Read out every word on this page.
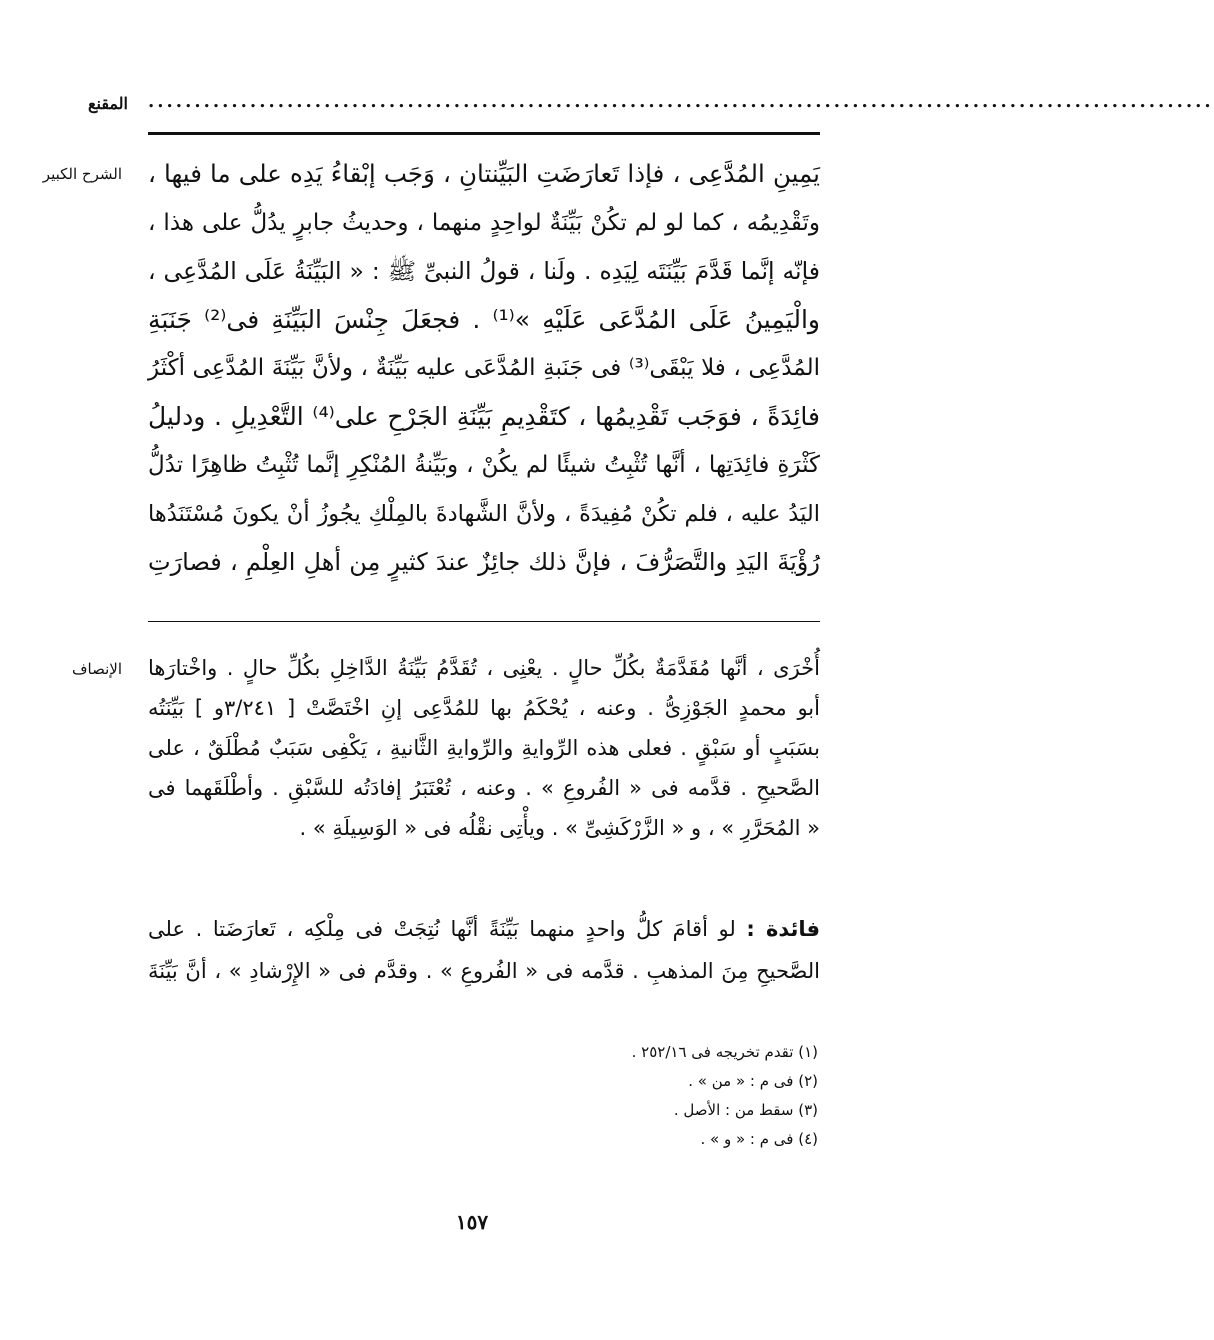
المقنع ...................................................................................................................
الشرح الكبير يَمِينِ المُدَّعِى ، فإذا تَعارَضَتِ البَيِّنتانِ ، وَجَب إبْقاءُ يَدِه على ما فيها ،
وتَقْدِيمُه ، كما لو لم تكُنْ بَيِّنَةٌ لواحِدٍ منهما ، وحديثُ جابرٍ يدُلُّ على هذا ،
فإنّه إنَّما قَدَّمَ بَيِّنَتَه لِيَدِه . ولَنا ، قولُ النبىِّ ﷺ : « البَيِّنَةُ عَلَى المُدَّعِى ،
والْيَمِينُ عَلَى المُدَّعَى عَلَيْهِ »⁽¹⁾ . فجعَلَ جِنْسَ البَيِّنَةِ فى⁽²⁾ جَنَبَةِ
المُدَّعِى ، فلا يَبْقَى⁽³⁾ فى جَنَبةِ المُدَّعَى عليه بَيِّنَةٌ ، ولأنَّ بَيِّنَةَ المُدَّعِى أكْثَرُ
فائِدَةً ، فوَجَب تَقْدِيمُها ، كتَقْدِيمِ بَيِّنَةِ الجَرْحِ على⁽⁴⁾ التَّعْدِيلِ . ودليلُ
كَثْرَةِ فائِدَتِها ، أنَّها تُثْبِتُ شيئًا لم يكُنْ ، وبَيِّنةُ المُنْكِرِ إنَّما تُثْبِتُ ظاهِرًا تدُلُّ
اليَدُ عليه ، فلم تكُنْ مُفِيدَةً ، ولأنَّ الشَّهادةَ بالمِلْكِ يجُوزُ أنْ يكونَ مُسْتَنَدُها
رُؤْيَةَ اليَدِ والتَّصَرُّفَ ، فإنَّ ذلك جائِزٌ عندَ كثيرٍ مِن أهلِ العِلْمِ ، فصارَتِ
الإنصاف أُخْرَى ، أنَّها مُقَدَّمَةٌ بكُلِّ حالٍ . يعْنِى ، تُقَدَّمُ بَيِّنَةُ الدَّاخِلِ بكُلِّ حالٍ . واخْتارَها
أبو محمدٍ الجَوْزِىُّ . وعنه ، يُحْكَمُ بها للمُدَّعِى إنِ اخْتَصَّتْ [ ٣/٢٤١و ] بَيِّنَتُه
بسَبَبٍ أو سَبْقٍ . فعلى هذه الرِّوايةِ والرِّوايةِ الثَّانيةِ ، يَكْفِى سَبَبٌ مُطْلَقٌ ، على
الصَّحيحِ . قدَّمه فى « الفُروعِ » . وعنه ، تُعْتَبَرُ إفادَتُه للسَّبْقِ . وأطْلَقَهما فى
« المُحَرَّرِ » ، و « الزَّرْكَشِىِّ » . ويأْتِى نقْلُه فى « الوَسِيلَةِ » .
فائدة : لو أقامَ كلُّ واحدٍ منهما بَيِّنَةً أنَّها نُتِجَتْ فى مِلْكِه ، تَعارَضَتا . على
الصَّحيحِ مِنَ المذهبِ . قدَّمه فى « الفُروعِ » . وقدَّم فى « الإِرْشادِ » ، أنَّ بَيِّنَةَ
(١) تقدم تخريجه فى ٢٥٢/١٦ .
(٢) فى م : « من » .
(٣) سقط من : الأصل .
(٤) فى م : « و » .
١٥٧
